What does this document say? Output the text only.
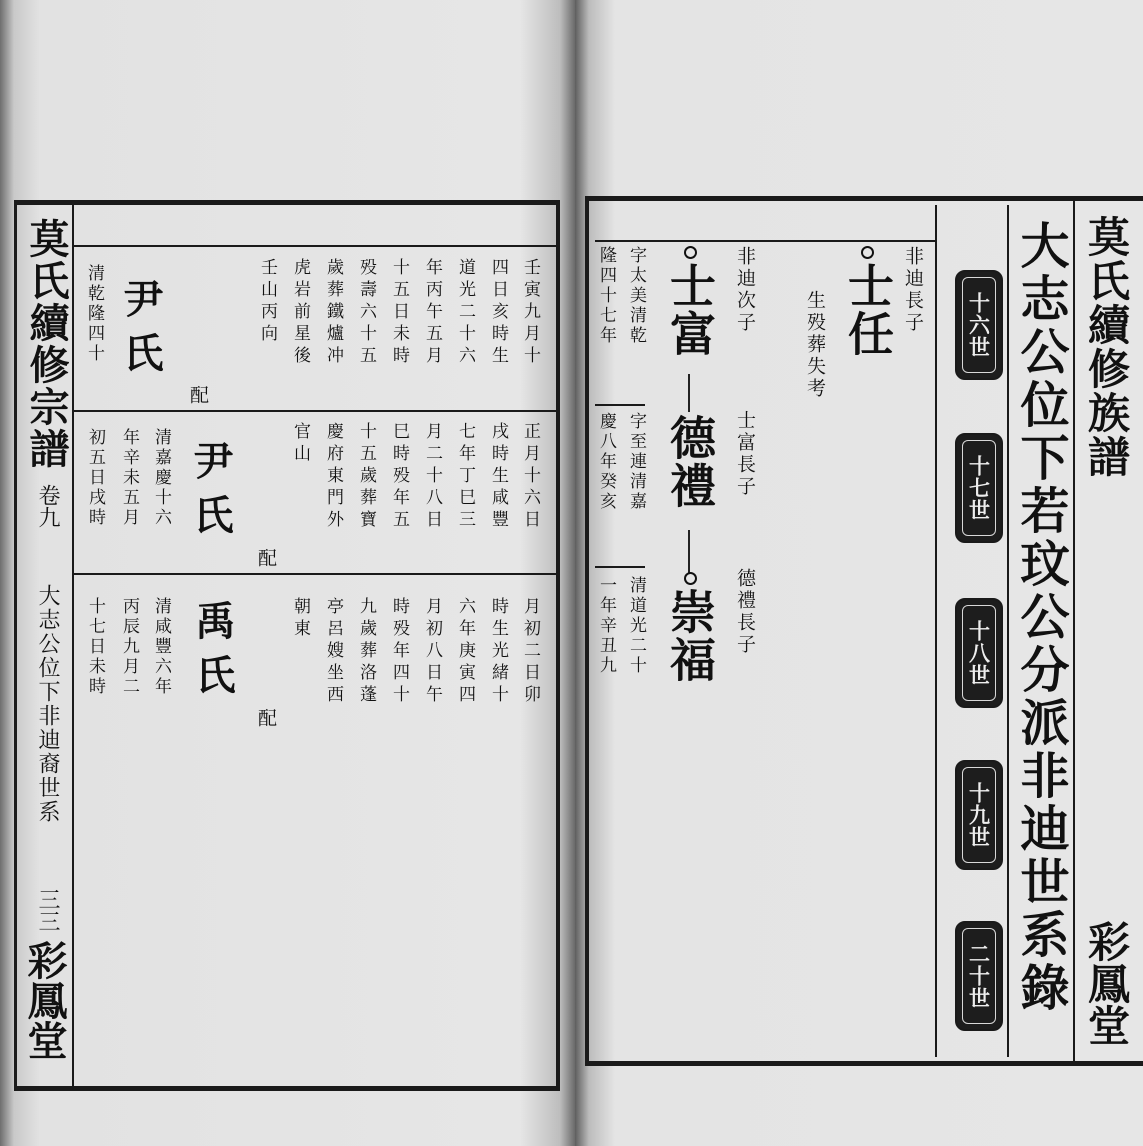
莫氏續修宗譜
卷九
大志公位下非迪裔世系
三三
彩鳳堂
壬寅九月十
四日亥時生
道光二十六
年丙午五月
十五日未時
殁壽六十五
歲葬鐵爐冲
虎岩前星後
壬山丙向
配
尹氏
清乾隆四十
正月十六日
戌時生咸豐
七年丁巳三
月二十八日
巳時殁年五
十五歲葬寶
慶府東門外
官山
配
尹氏
清嘉慶十六
年辛未五月
初五日戌時
月初二日卯
時生光緒十
六年庚寅四
月初八日午
時殁年四十
九歲葬洛蓬
亭呂嫂坐西
朝東
配
禹氏
清咸豐六年
丙辰九月二
十七日未時
莫氏續修族譜
彩鳳堂
大志公位下若玟公分派非迪世系錄
十六世
十七世
十八世
十九世
二十世
非迪長子
士任
生殁葬失考
非迪次子
士富
字太美清乾
隆四十七年
士富長子
德禮
字至連清嘉
慶八年癸亥
德禮長子
崇福
清道光二十
一年辛丑九
